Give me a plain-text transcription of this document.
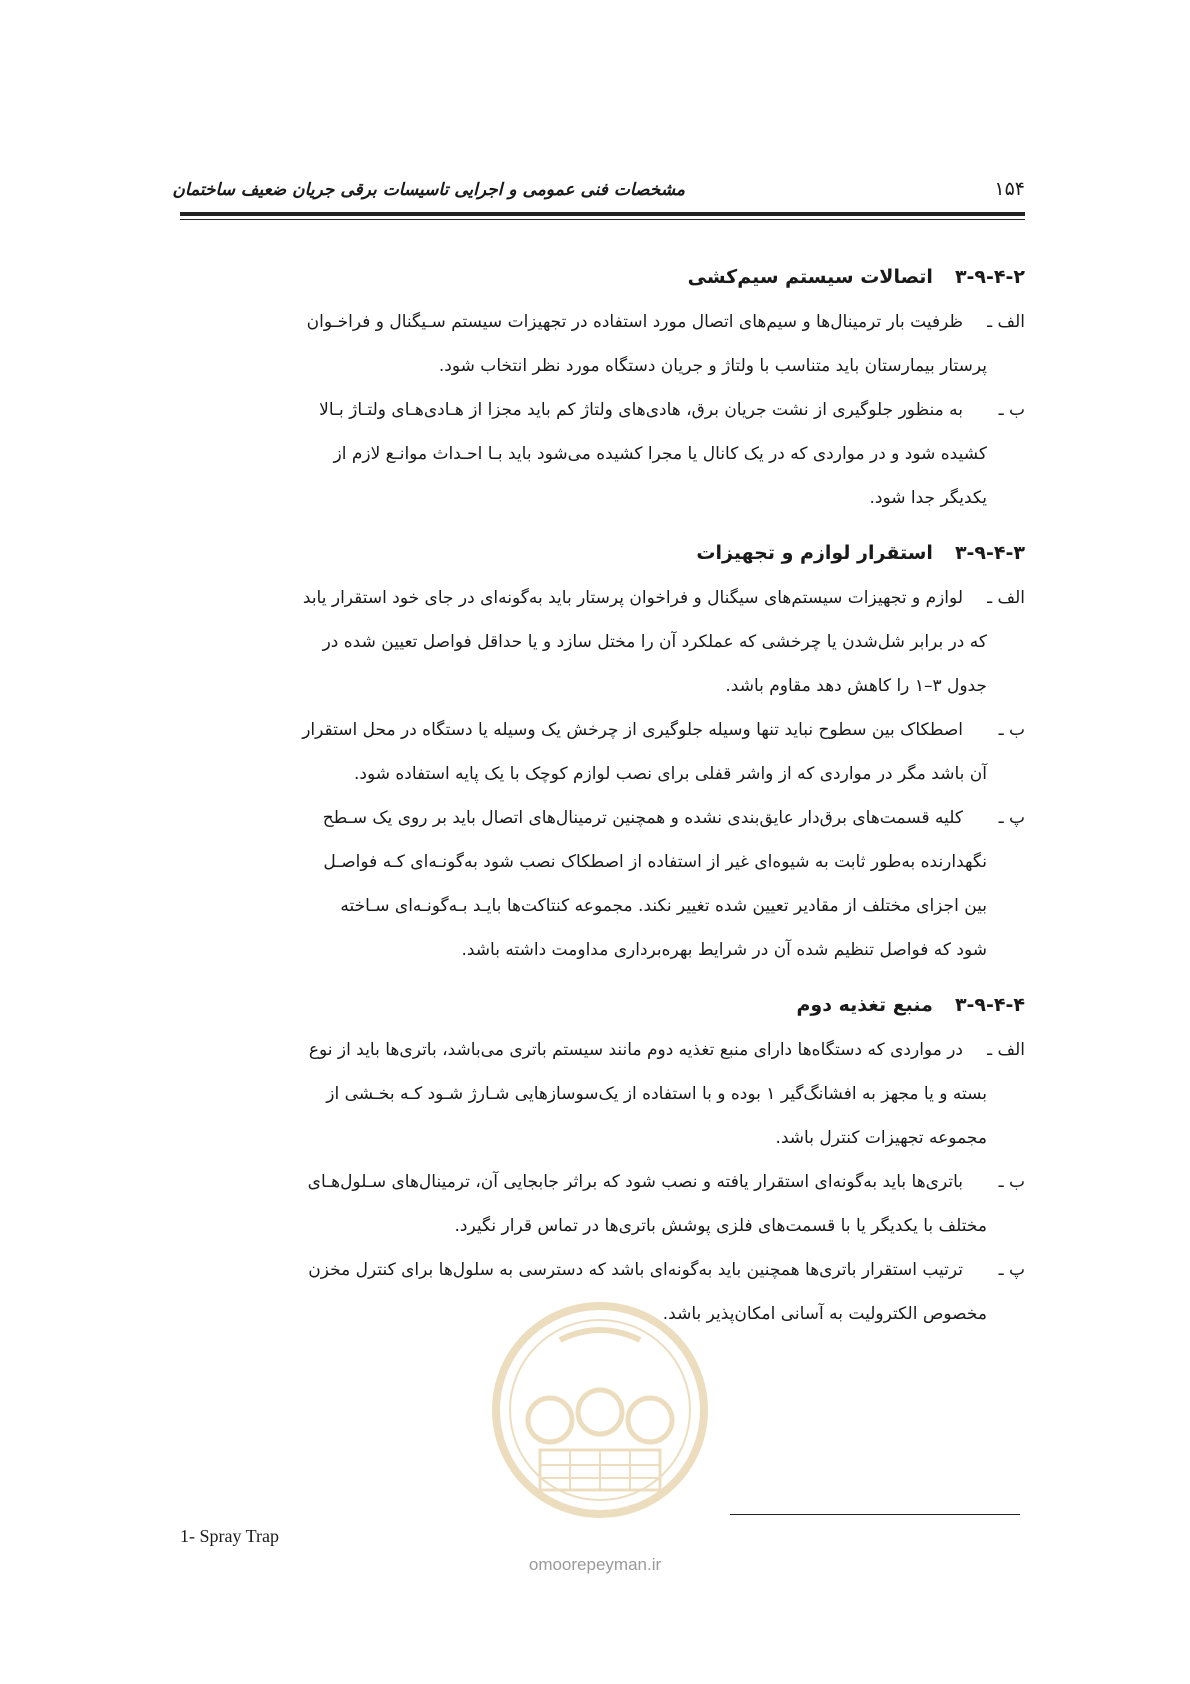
مشخصات فنی عمومی و اجرایی تاسیسات برقی جریان ضعیف ساختمان	۱۵۴
۳-۹-۴-۲اتصالات سیستم سیم‌کشی
الف ـ
ظرفیت بار ترمینال‌ها و سیم‌های اتصال مورد استفاده در تجهیزات سیستم سـیگنال و فراخـوان
پرستار بیمارستان باید متناسب با ولتاژ و جریان دستگاه مورد نظر انتخاب شود.
ب ـ
به منظور جلوگیری از نشت جریان برق، هادی‌های ولتاژ کم باید مجزا از هـادی‌هـای ولتـاژ بـالا
کشیده شود و در مواردی که در یک کانال یا مجرا کشیده می‌شود باید بـا احـداث موانـع لازم از
یکدیگر جدا شود.
۳-۹-۴-۳استقرار لوازم و تجهیزات
الف ـ
لوازم و تجهیزات سیستم‌های سیگنال و فراخوان پرستار باید به‌گونه‌ای در جای خود استقرار یابد
که در برابر شل‌شدن یا چرخشی که عملکرد آن را مختل سازد و یا حداقل فواصل تعیین شده در
جدول ۳–۱ را کاهش دهد مقاوم باشد.
ب ـ
اصطکاک بین سطوح نباید تنها وسیله جلوگیری از چرخش یک وسیله یا دستگاه در محل استقرار
آن باشد مگر در مواردی که از واشر قفلی برای نصب لوازم کوچک با یک پایه استفاده شود.
پ ـ
کلیه قسمت‌های برق‌دار عایق‌بندی نشده و همچنین ترمینال‌های اتصال باید بر روی یک سـطح
نگهدارنده به‌طور ثابت به شیوه‌ای غیر از استفاده از اصطکاک نصب شود به‌گونـه‌ای کـه فواصـل
بین اجزای مختلف از مقادیر تعیین شده تغییر نکند. مجموعه کنتاکت‌ها بایـد بـه‌گونـه‌ای سـاخته
شود که فواصل تنظیم شده آن در شرایط بهره‌برداری مداومت داشته باشد.
۳-۹-۴-۴منبع تغذیه دوم
الف ـ
در مواردی که دستگاه‌ها دارای منبع تغذیه دوم مانند سیستم باتری می‌باشد، باتری‌ها باید از نوع
بسته و یا مجهز به افشانگ‌گیر ۱ بوده و با استفاده از یک‌سوسازهایی شـارژ شـود کـه بخـشی از
مجموعه تجهیزات کنترل باشد.
ب ـ
باتری‌ها باید به‌گونه‌ای استقرار یافته و نصب شود که براثر جابجایی آن، ترمینال‌های سـلول‌هـای
مختلف با یکدیگر یا با قسمت‌های فلزی پوشش باتری‌ها در تماس قرار نگیرد.
پ ـ
ترتیب استقرار باتری‌ها همچنین باید به‌گونه‌ای باشد که دسترسی به سلول‌ها برای کنترل مخزن
مخصوص الکترولیت به آسانی امکان‌پذیر باشد.
omoorepeyman.ir
1- Spray Trap
